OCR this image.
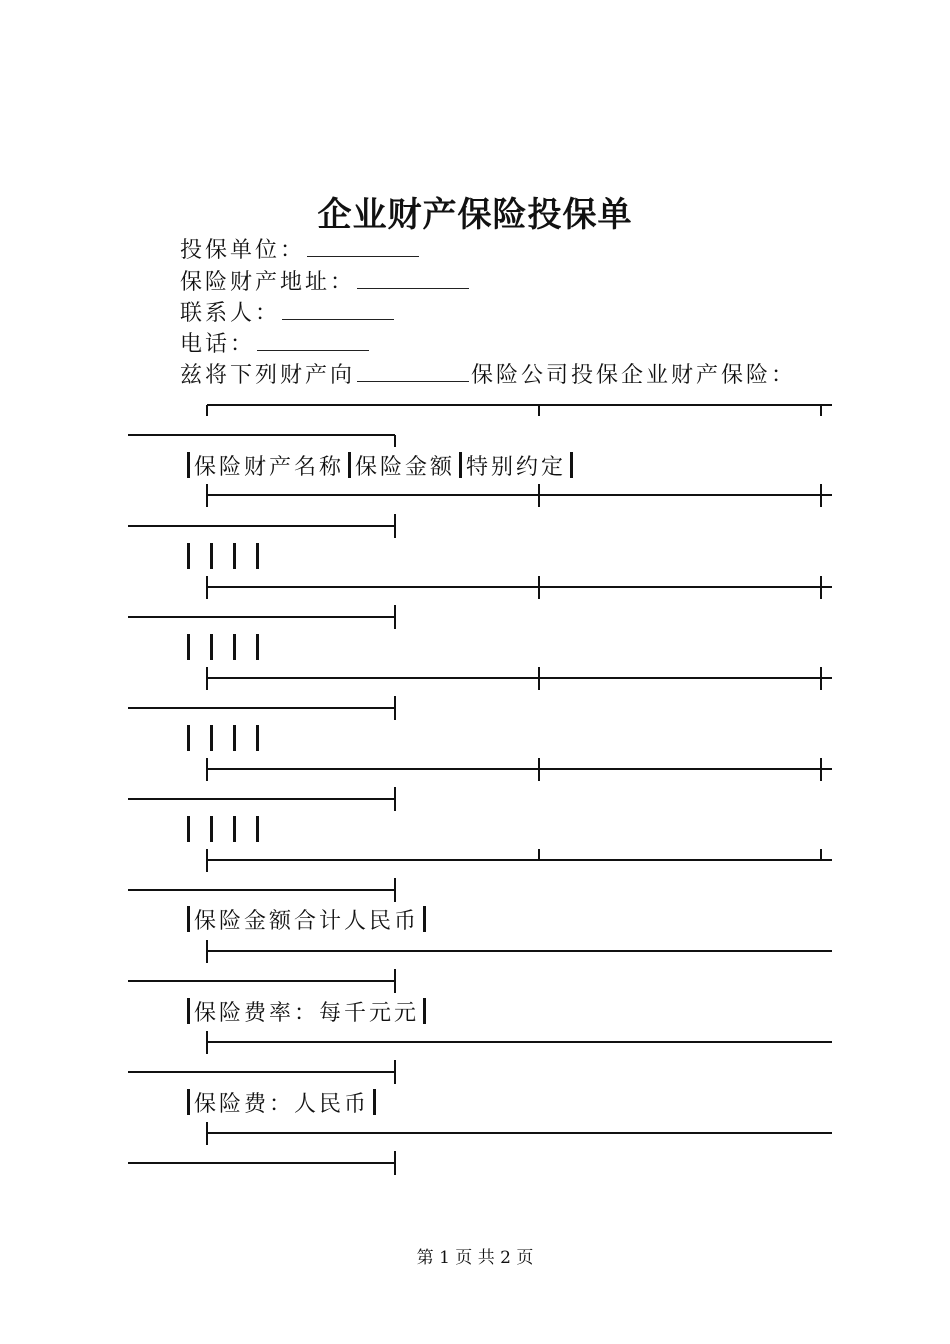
企业财产保险投保单
投保单位：
保险财产地址：
联系人：
电话：
兹将下列财产向	保险公司投保企业财产保险：
保险财产名称 保险金额 特别约定
保险金额合计人民币
保险费率：每千元元
保险费：人民币
第 1 页 共 2 页
